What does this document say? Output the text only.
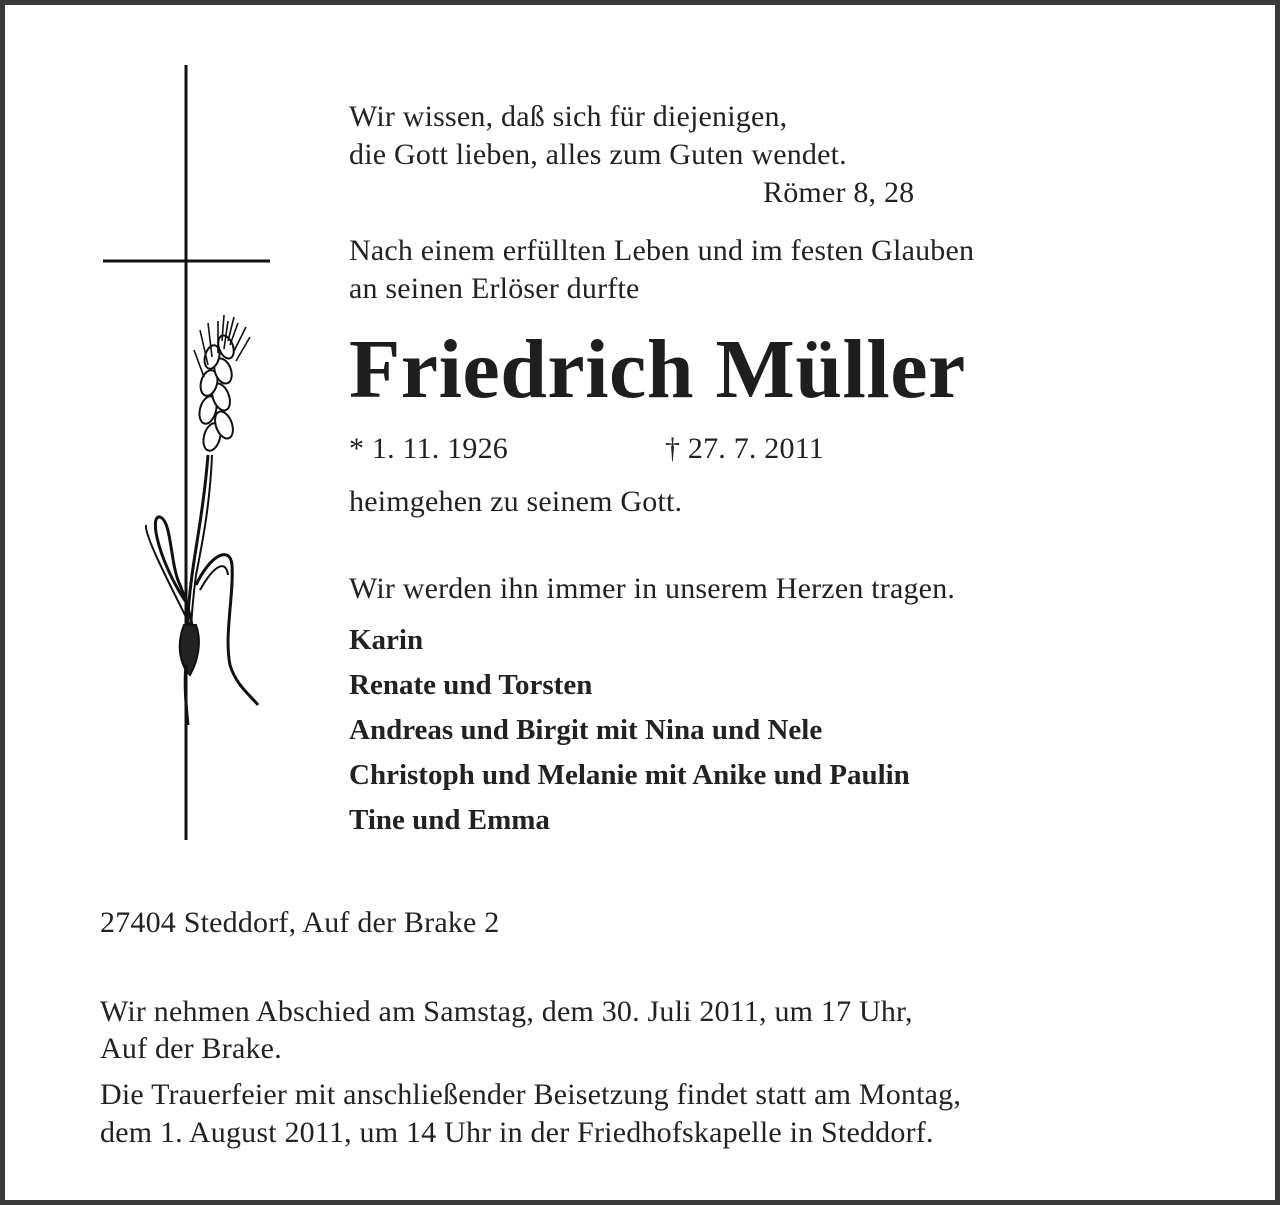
Wir wissen, daß sich für diejenigen,
die Gott lieben, alles zum Guten wendet.
Römer 8, 28
Nach einem erfüllten Leben und im festen Glauben
an seinen Erlöser durfte
Friedrich Müller
* 1. 11. 1926	† 27. 7. 2011
heimgehen zu seinem Gott.
Wir werden ihn immer in unserem Herzen tragen.
Karin
Renate und Torsten
Andreas und Birgit mit Nina und Nele
Christoph und Melanie mit Anike und Paulin
Tine und Emma
27404 Steddorf, Auf der Brake 2
Wir nehmen Abschied am Samstag, dem 30. Juli 2011, um 17 Uhr,
Auf der Brake.
Die Trauerfeier mit anschließender Beisetzung findet statt am Montag,
dem 1. August 2011, um 14 Uhr in der Friedhofskapelle in Steddorf.
